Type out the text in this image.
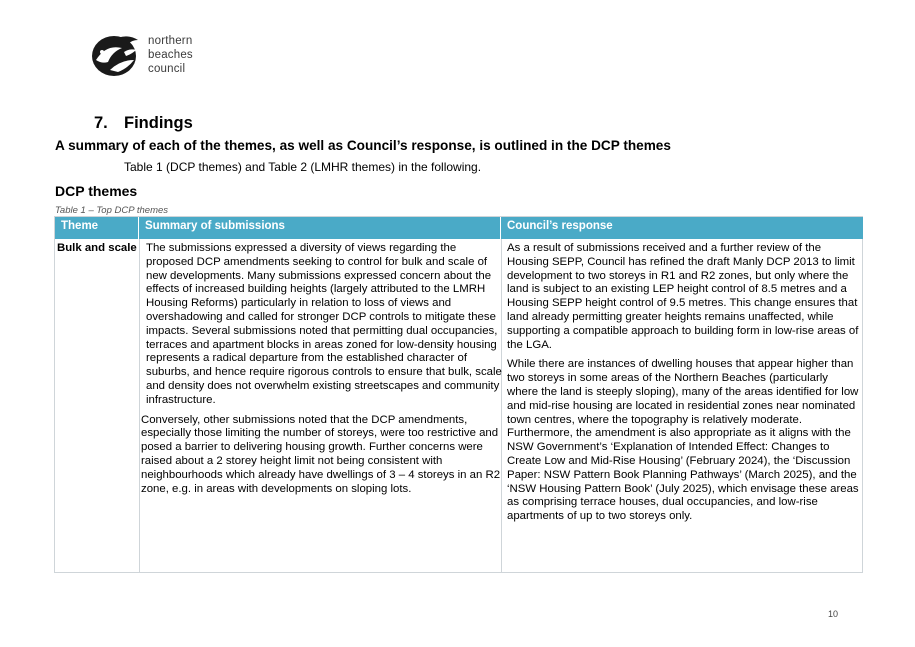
northern
beaches
council
7. Findings
A summary of each of the themes, as well as Council’s response, is outlined in the DCP themes
Table 1 (DCP themes) and Table 2 (LMHR themes) in the following.
DCP themes
Table 1 – Top DCP themes
Theme	Summary of submissions	Council’s response
Bulk and scale The submissions expressed a diversity of views regarding the proposed DCP amendments seeking to control for bulk and scale of new developments. Many submissions expressed concern about the effects of increased building heights (largely attributed to the LMRH Housing Reforms) particularly in relation to loss of views and overshadowing and called for stronger DCP controls to mitigate these impacts. Several submissions noted that permitting dual occupancies, terraces and apartment blocks in areas zoned for low-density housing represents a radical departure from the established character of suburbs, and hence require rigorous controls to ensure that bulk, scale and density does not overwhelm existing streetscapes and community infrastructure.

Conversely, other submissions noted that the DCP amendments, especially those limiting the number of storeys, were too restrictive and posed a barrier to delivering housing growth. Further concerns were raised about a 2 storey height limit not being consistent with neighbourhoods which already have dwellings of 3 – 4 storeys in an R2 zone, e.g. in areas with developments on sloping lots.

As a result of submissions received and a further review of the Housing SEPP, Council has refined the draft Manly DCP 2013 to limit development to two storeys in R1 and R2 zones, but only where the land is subject to an existing LEP height control of 8.5 metres and a Housing SEPP height control of 9.5 metres. This change ensures that land already permitting greater heights remains unaffected, while supporting a compatible approach to building form in low-rise areas of the LGA.

While there are instances of dwelling houses that appear higher than two storeys in some areas of the Northern Beaches (particularly where the land is steeply sloping), many of the areas identified for low and mid-rise housing are located in residential zones near nominated town centres, where the topography is relatively moderate. Furthermore, the amendment is also appropriate as it aligns with the NSW Government’s ‘Explanation of Intended Effect: Changes to Create Low and Mid-Rise Housing’ (February 2024), the ‘Discussion Paper: NSW Pattern Book Planning Pathways’ (March 2025), and the ‘NSW Housing Pattern Book’ (July 2025), which envisage these areas as comprising terrace houses, dual occupancies, and low-rise apartments of up to two storeys only.

10
